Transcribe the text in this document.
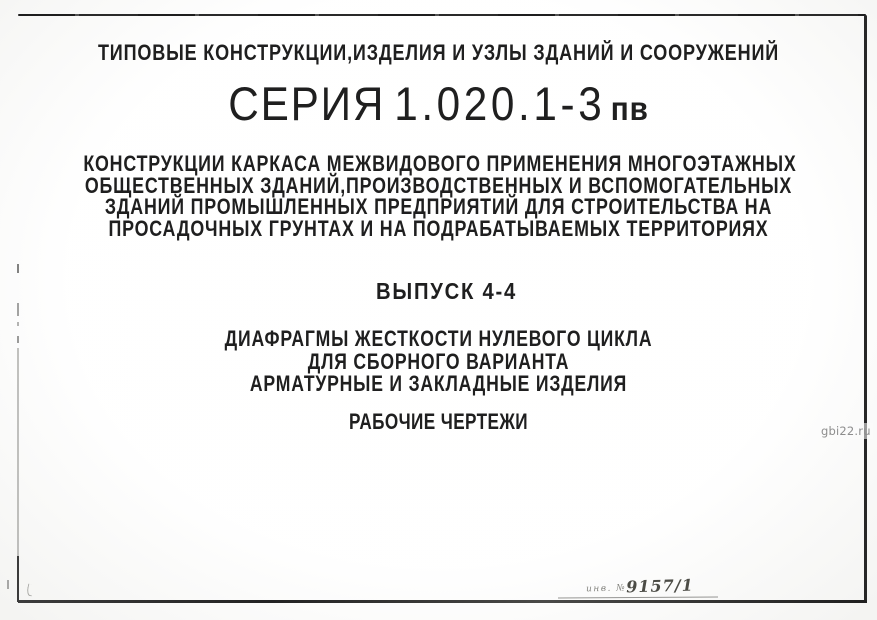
ТИПОВЫЕ КОНСТРУКЦИИ,ИЗДЕЛИЯ И УЗЛЫ ЗДАНИЙ И СООРУЖЕНИЙ
СЕРИЯ 1.020.1-3 пв
КОНСТРУКЦИИ КАРКАСА МЕЖВИДОВОГО ПРИМЕНЕНИЯ МНОГОЭТАЖНЫХ
ОБЩЕСТВЕННЫХ ЗДАНИЙ,ПРОИЗВОДСТВЕННЫХ И ВСПОМОГАТЕЛЬНЫХ
ЗДАНИЙ ПРОМЫШЛЕННЫХ ПРЕДПРИЯТИЙ ДЛЯ СТРОИТЕЛЬСТВА НА
ПРОСАДОЧНЫХ ГРУНТАХ И НА ПОДРАБАТЫВАЕМЫХ ТЕРРИТОРИЯХ
ВЫПУСК 4-4
ДИАФРАГМЫ ЖЕСТКОСТИ НУЛЕВОГО ЦИКЛА
ДЛЯ СБОРНОГО ВАРИАНТА
АРМАТУРНЫЕ И ЗАКЛАДНЫЕ ИЗДЕЛИЯ
РАБОЧИЕ ЧЕРТЕЖИ	gbi22.ru
инв. №9157/1
